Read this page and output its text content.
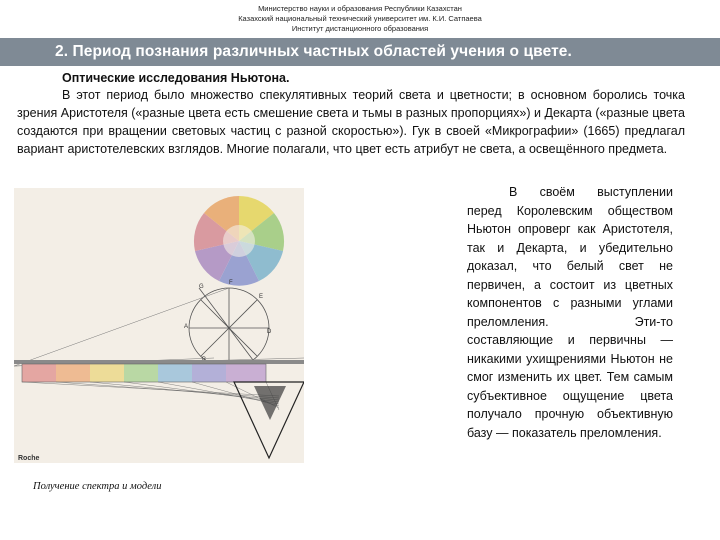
Министерство науки и образования Республики Казахстан
Казахский национальный технический университет им. К.И. Сатпаева
Институт дистанционного образования
2. Период познания различных частных областей учения о цвете.
Оптические исследования Ньютона.
В этот период было множество спекулятивных теорий света и цветности; в основном боролись точка зрения Аристотеля («разные цвета есть смешение света и тьмы в разных пропорциях») и Декарта («разные цвета создаются при вращении световых частиц с разной скоростью»). Гук в своей «Микрографии» (1665) предлагал вариант аристотелевских взглядов. Многие полагали, что цвет есть атрибут не света, а освещённого предмета.
G
A
D
E
F
Roche
В своём выступлении перед Королевским обществом Ньютон опроверг как Аристотеля, так и Декарта, и убедительно доказал, что белый свет не первичен, а состоит из цветных компонентов с разными углами преломления. Эти-то составляющие и первичны — никакими ухищрениями Ньютон не смог изменить их цвет. Тем самым субъективное ощущение цвета получало прочную объективную базу — показатель преломления.
Получение спектра и модели
